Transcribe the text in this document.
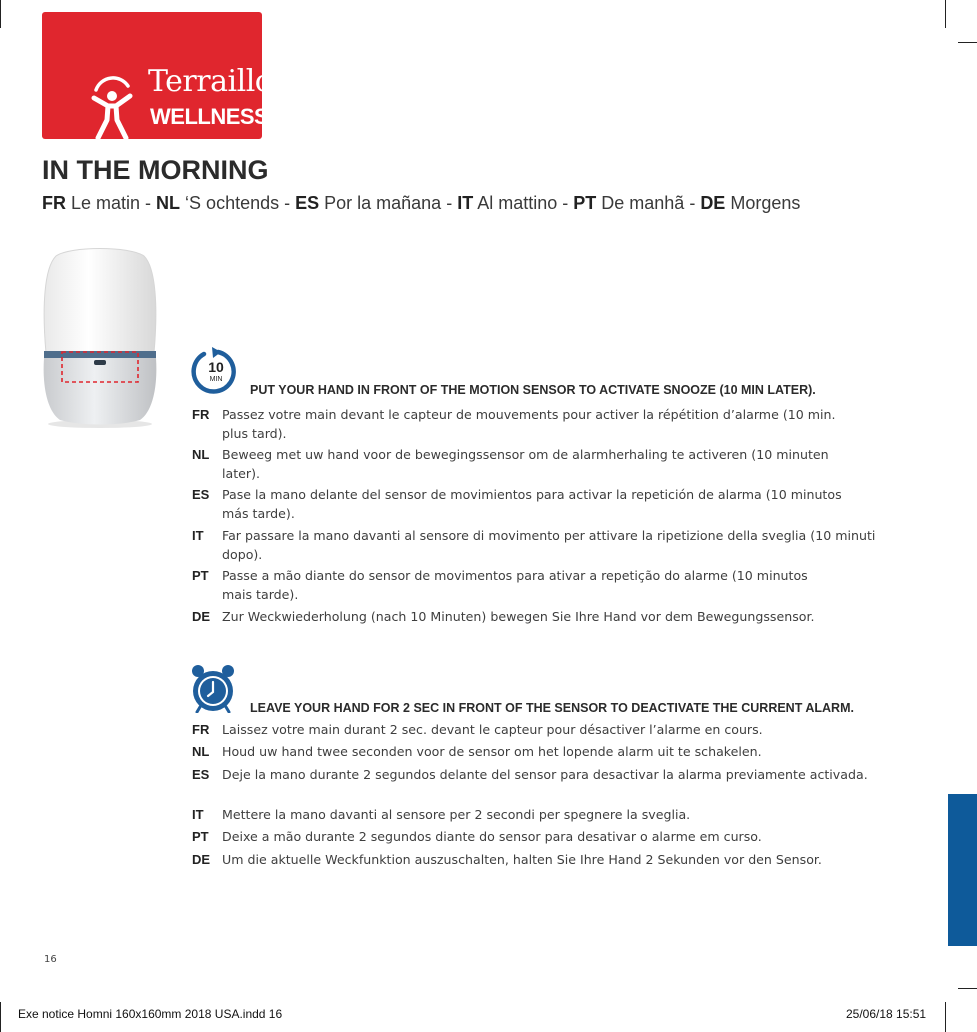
Terraillon.
WELLNESS COACH
IN THE MORNING
FR Le matin - NL ‘S ochtends - ES Por la mañana - IT Al mattino - PT De manhã - DE Morgens
10
MIN
PUT YOUR HAND IN FRONT OF THE MOTION SENSOR TO ACTIVATE SNOOZE (10 MIN LATER).
FR Passez votre main devant le capteur de mouvements pour activer la répétition d’alarme (10 min. plus tard).
NL Beweeg met uw hand voor de bewegingssensor om de alarmherhaling te activeren (10 minuten later).
ES Pase la mano delante del sensor de movimientos para activar la repetición de alarma (10 minutos más tarde).
IT Far passare la mano davanti al sensore di movimento per attivare la ripetizione della sveglia (10 minuti dopo).
PT Passe a mão diante do sensor de movimentos para ativar a repetição do alarme (10 minutos mais tarde).
DE Zur Weckwiederholung (nach 10 Minuten) bewegen Sie Ihre Hand vor dem Bewegungssensor.
LEAVE YOUR HAND FOR 2 SEC IN FRONT OF THE SENSOR TO DEACTIVATE THE CURRENT ALARM.
FR Laissez votre main durant 2 sec. devant le capteur pour désactiver l’alarme en cours.
NL Houd uw hand twee seconden voor de sensor om het lopende alarm uit te schakelen.
ES Deje la mano durante 2 segundos delante del sensor para desactivar la alarma previamente activada.
IT Mettere la mano davanti al sensore per 2 secondi per spegnere la sveglia.
PT Deixe a mão durante 2 segundos diante do sensor para desativar o alarme em curso.
DE Um die aktuelle Weckfunktion auszuschalten, halten Sie Ihre Hand 2 Sekunden vor den Sensor.
16
Exe notice Homni 160x160mm 2018 USA.indd 16	25/06/18 15:51
